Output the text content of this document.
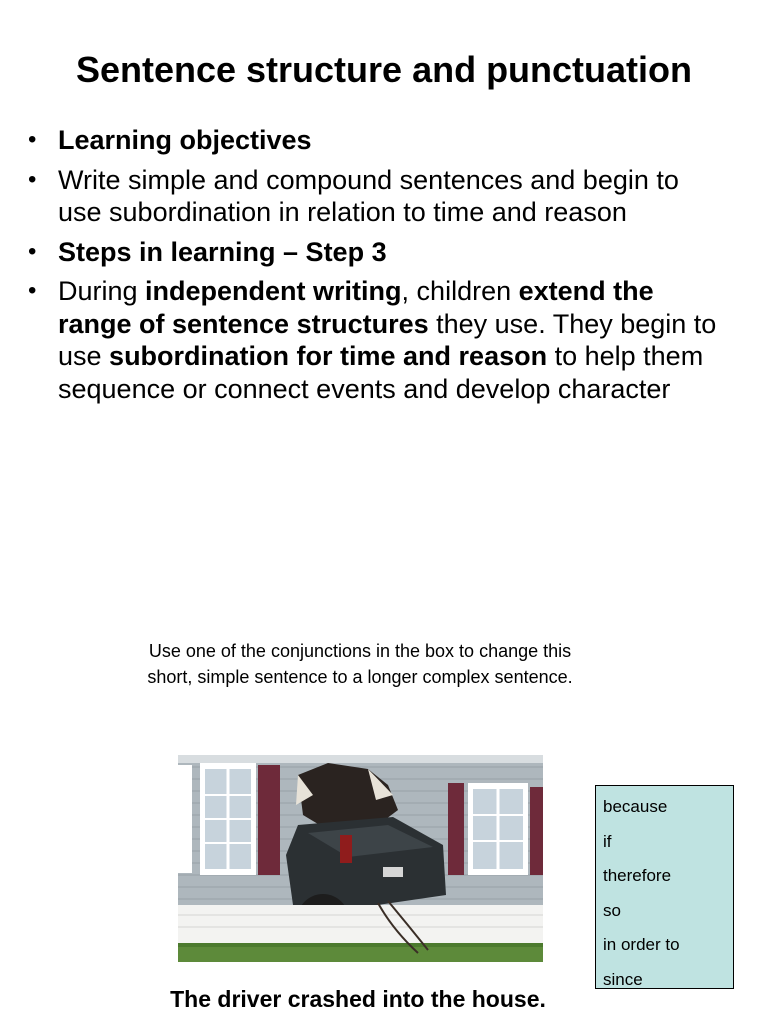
Sentence structure and punctuation
• Learning objectives
• Write simple and compound sentences and begin to use subordination in relation to time and reason
• Steps in learning – Step 3
• During independent writing, children extend the range of sentence structures they use. They begin to use subordination for time and reason to help them sequence or connect events and develop character
Use one of the conjunctions in the box to change this
short, simple sentence to a longer complex sentence.
The driver crashed into the house.
because
if
therefore
so
in order to
since
